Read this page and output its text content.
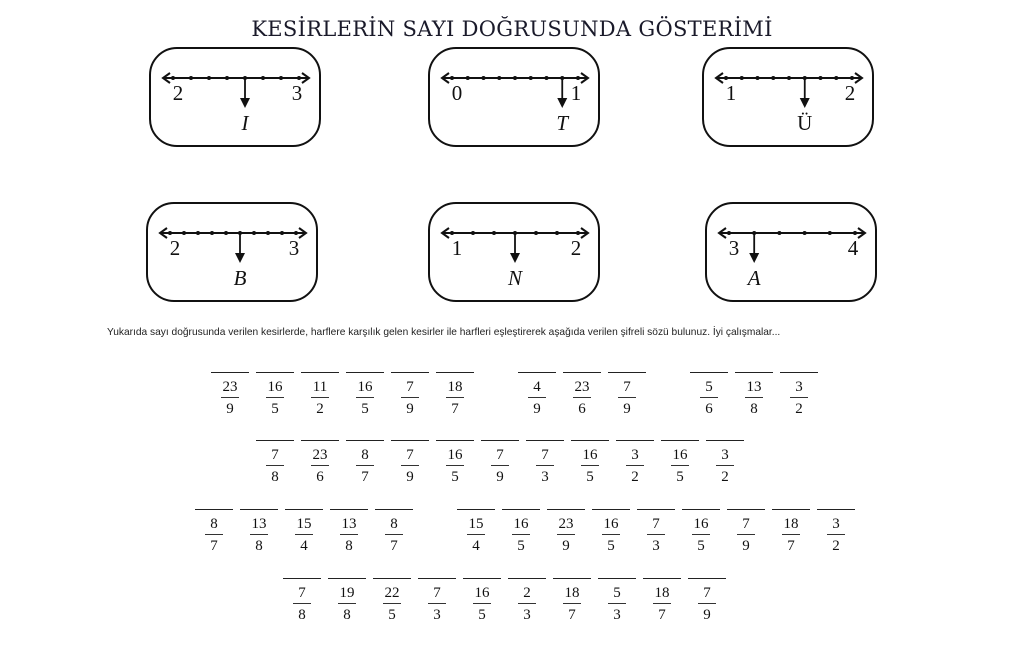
KESİRLERİN SAYI DOĞRUSUNDA GÖSTERİMİ
2	3
I
0	1
T
1	2
Ü
2	3
B
1	2
N
3	4
A
Yukarıda sayı doğrusunda verilen kesirlerde, harflere karşılık gelen kesirler ile harfleri eşleştirerek aşağıda verilen şifreli sözü bulunuz. İyi çalışmalar...
$\frac{23}{9} \frac{16}{5} \frac{11}{2} \frac{16}{5} \frac{7}{9} \frac{18}{7}$	$\frac{4}{9} \frac{23}{6} \frac{7}{9}$	$\frac{5}{6} \frac{13}{8} \frac{3}{2}$
$\frac{7}{8} \frac{23}{6} \frac{8}{7} \frac{7}{9} \frac{16}{5} \frac{7}{9} \frac{7}{3} \frac{16}{5} \frac{3}{2} \frac{16}{5} \frac{3}{2}$
$\frac{8}{7} \frac{13}{8} \frac{15}{4} \frac{13}{8} \frac{8}{7}$	$\frac{15}{4} \frac{16}{5} \frac{23}{9} \frac{16}{5} \frac{7}{3} \frac{16}{5} \frac{7}{9} \frac{18}{7} \frac{3}{2}$
$\frac{7}{8} \frac{19}{8} \frac{22}{5} \frac{7}{3} \frac{16}{5} \frac{2}{3} \frac{18}{7} \frac{5}{3} \frac{18}{7} \frac{7}{9}$
